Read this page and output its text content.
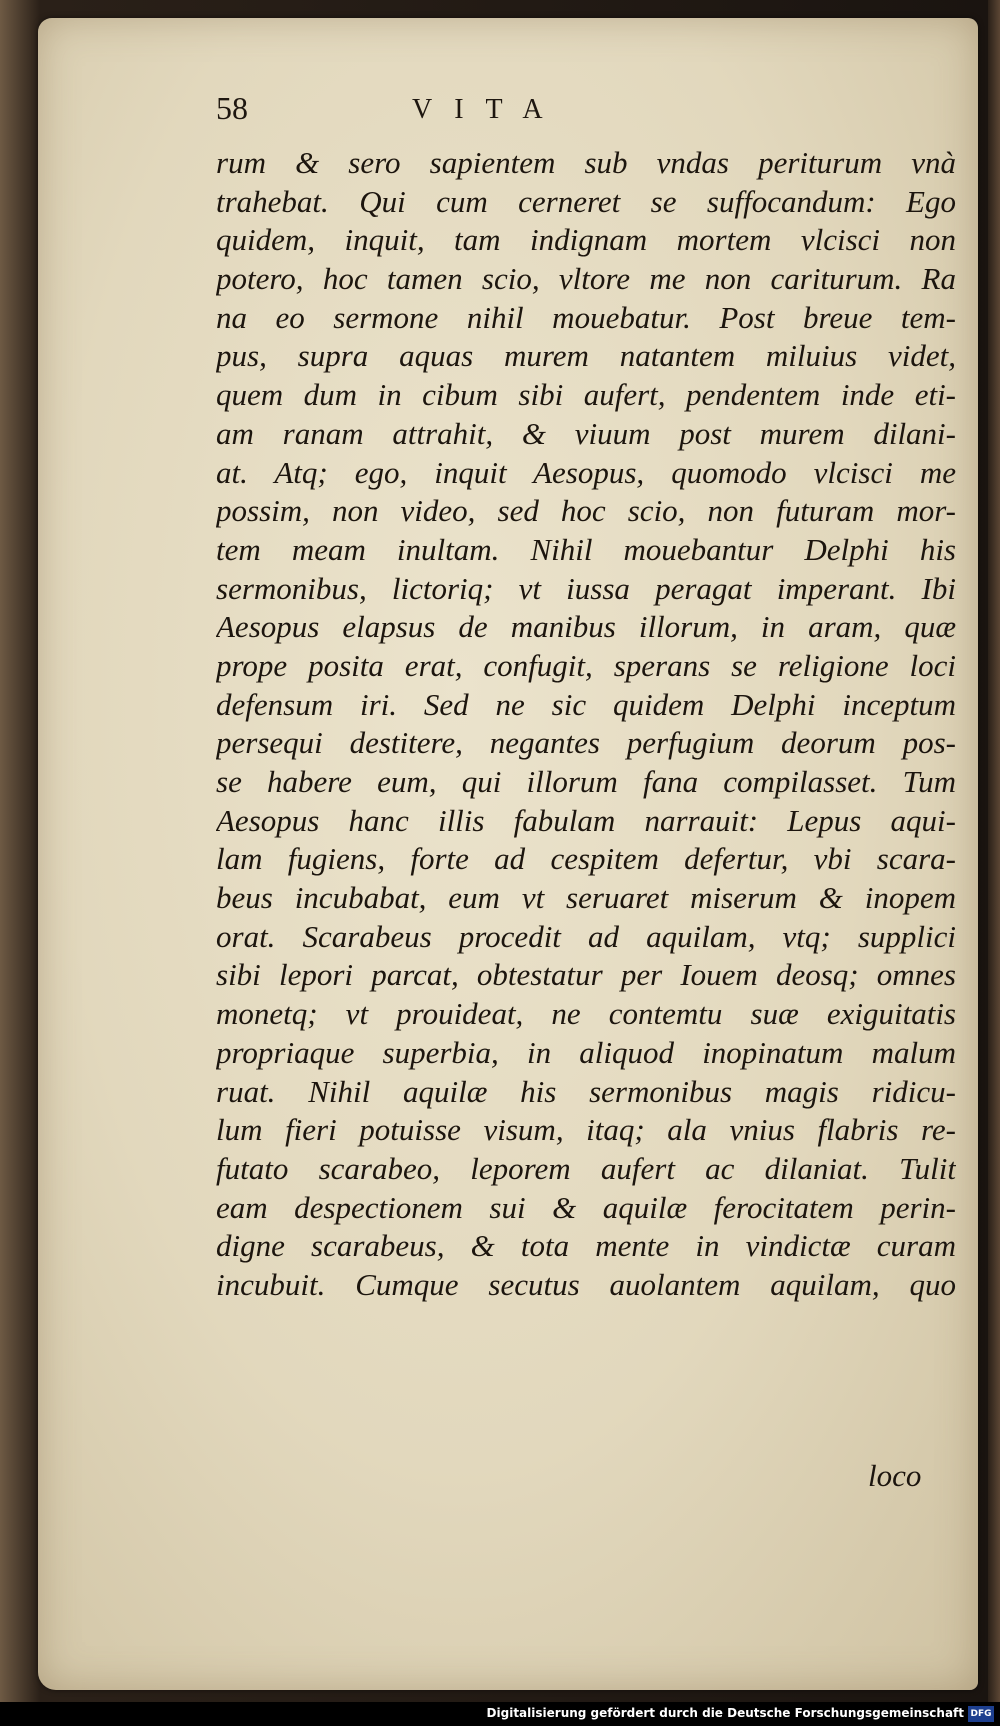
58	VITA
rum & sero sapientem sub vndas periturum vnà
trahebat. Qui cum cerneret se suffocandum: Ego
quidem, inquit, tam indignam mortem vlcisci non
potero, hoc tamen scio, vltore me non cariturum. Ra
na eo sermone nihil mouebatur. Post breue tem-
pus, supra aquas murem natantem miluius videt,
quem dum in cibum sibi aufert, pendentem inde eti-
am ranam attrahit, & viuum post murem dilani-
at. Atq; ego, inquit Aesopus, quomodo vlcisci me
possim, non video, sed hoc scio, non futuram mor-
tem meam inultam. Nihil mouebantur Delphi his
sermonibus, lictoriq; vt iussa peragat imperant. Ibi
Aesopus elapsus de manibus illorum, in aram, quæ
prope posita erat, confugit, sperans se religione loci
defensum iri. Sed ne sic quidem Delphi inceptum
persequi destitere, negantes perfugium deorum pos-
se habere eum, qui illorum fana compilasset. Tum
Aesopus hanc illis fabulam narrauit: Lepus aqui-
lam fugiens, forte ad cespitem defertur, vbi scara-
beus incubabat, eum vt seruaret miserum & inopem
orat. Scarabeus procedit ad aquilam, vtq; supplici
sibi lepori parcat, obtestatur per Iouem deosq; omnes
monetq; vt prouideat, ne contemtu suæ exiguitatis
propriaque superbia, in aliquod inopinatum malum
ruat. Nihil aquilæ his sermonibus magis ridicu-
lum fieri potuisse visum, itaq; ala vnius flabris re-
futato scarabeo, leporem aufert ac dilaniat. Tulit
eam despectionem sui & aquilæ ferocitatem perin-
digne scarabeus, & tota mente in vindictæ curam
incubuit. Cumque secutus auolantem aquilam, quo
loco
Digitalisierung gefördert durch die Deutsche Forschungsgemeinschaft DFG
